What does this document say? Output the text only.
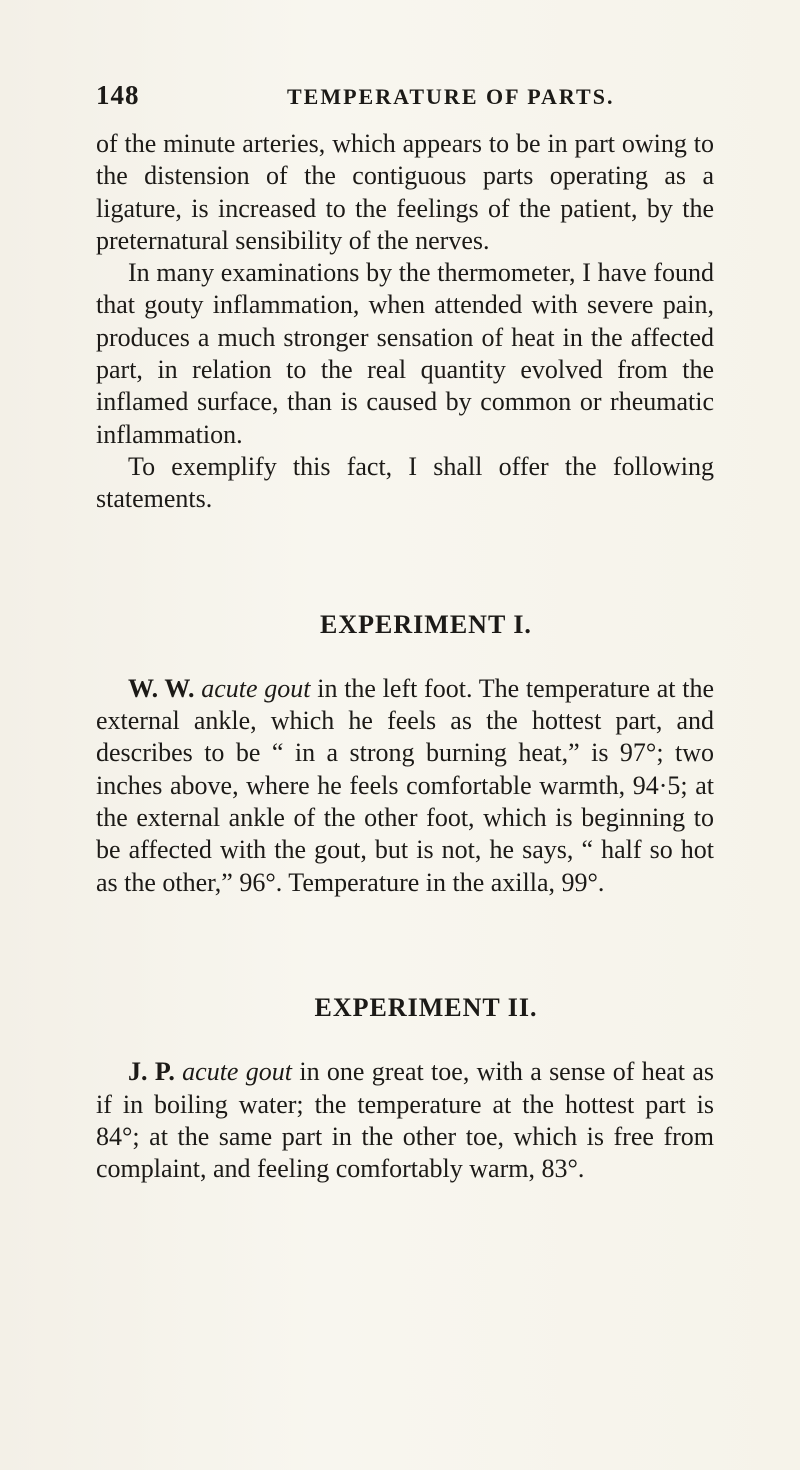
148	TEMPERATURE OF PARTS.

of the minute arteries, which appears to be in part owing to the distension of the contiguous parts operating as a ligature, is increased to the feelings of the patient, by the preternatural sensibility of the nerves.

In many examinations by the thermometer, I have found that gouty inflammation, when attended with severe pain, produces a much stronger sensation of heat in the affected part, in relation to the real quantity evolved from the inflamed surface, than is caused by common or rheumatic inflammation.

To exemplify this fact, I shall offer the following statements.

EXPERIMENT I.

W. W. acute gout in the left foot. The temperature at the external ankle, which he feels as the hottest part, and describes to be “ in a strong burning heat,” is 97°; two inches above, where he feels comfortable warmth, 94·5; at the external ankle of the other foot, which is beginning to be affected with the gout, but is not, he says, “ half so hot as the other,” 96°. Temperature in the axilla, 99°.

EXPERIMENT II.

J. P. acute gout in one great toe, with a sense of heat as if in boiling water; the temperature at the hottest part is 84°; at the same part in the other toe, which is free from complaint, and feeling comfortably warm, 83°.
